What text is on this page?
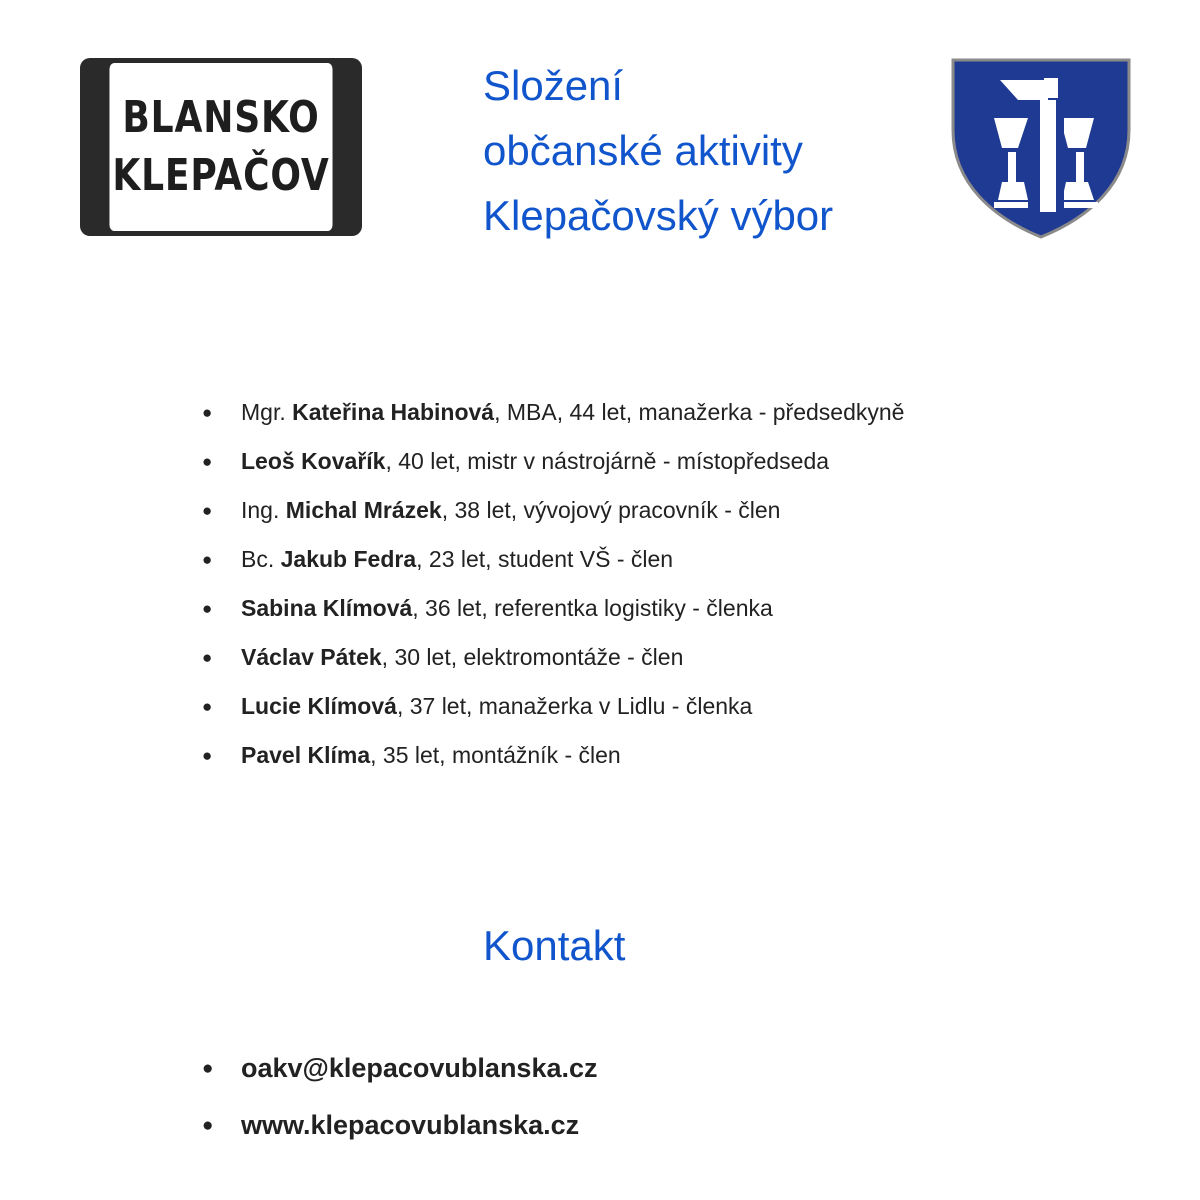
BLANSKO
KLEPAČOV
Složení
občanské aktivity
Klepačovský výbor
● Mgr. Kateřina Habinová, MBA, 44 let, manažerka - předsedkyně
● Leoš Kovařík, 40 let, mistr v nástrojárně - místopředseda
● Ing. Michal Mrázek, 38 let, vývojový pracovník - člen
● Bc. Jakub Fedra, 23 let, student VŠ - člen
● Sabina Klímová, 36 let, referentka logistiky - členka
● Václav Pátek, 30 let, elektromontáže - člen
● Lucie Klímová, 37 let, manažerka v Lidlu - členka
● Pavel Klíma, 35 let, montážník - člen
Kontakt
● oakv@klepacovublanska.cz
● www.klepacovublanska.cz
